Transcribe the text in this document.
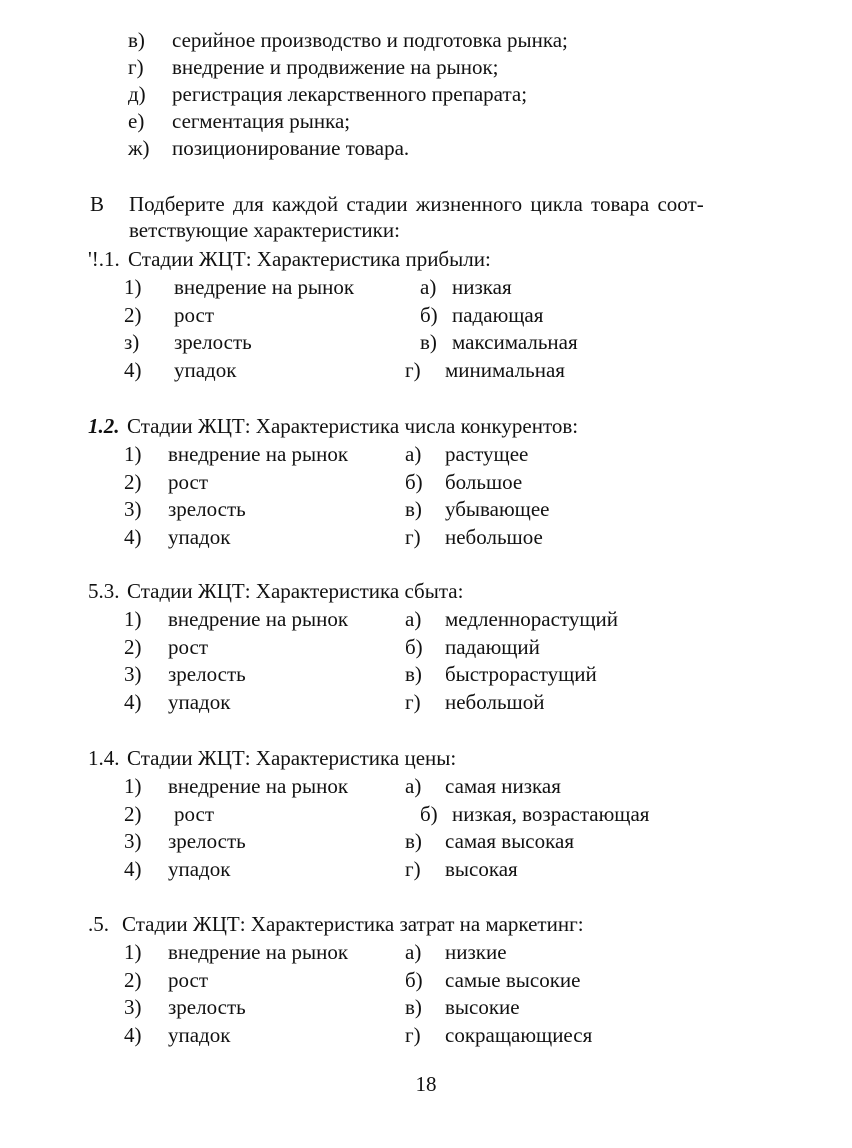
в) серийное производство и подготовка рынка;
г) внедрение и продвижение на рынок;
д) регистрация лекарственного препарата;
е) сегментация рынка;
ж) позиционирование товара.
В Подберите для каждой стадии жизненного цикла товара соот-
ветствующие характеристики:
'!.1. Стадии ЖЦТ: Характеристика прибыли:
1) внедрение на рынок	а) низкая
2) рост	б) падающая
з) зрелость	в) максимальная
4) упадок	г) минимальная
1.2. Стадии ЖЦТ: Характеристика числа конкурентов:
1) внедрение на рынок	а) растущее
2) рост	б) большое
3) зрелость	в) убывающее
4) упадок	г) небольшое
5.3. Стадии ЖЦТ: Характеристика сбыта:
1) внедрение на рынок	а) медленнорастущий
2) рост	б) падающий
3) зрелость	в) быстрорастущий
4) упадок	г) небольшой
1.4. Стадии ЖЦТ: Характеристика цены:
1) внедрение на рынок	а) самая низкая
2) рост	б) низкая, возрастающая
3) зрелость	в) самая высокая
4) упадок	г) высокая
.5. Стадии ЖЦТ: Характеристика затрат на маркетинг:
1) внедрение на рынок	а) низкие
2) рост	б) самые высокие
3) зрелость	в) высокие
4) упадок	г) сокращающиеся
18
